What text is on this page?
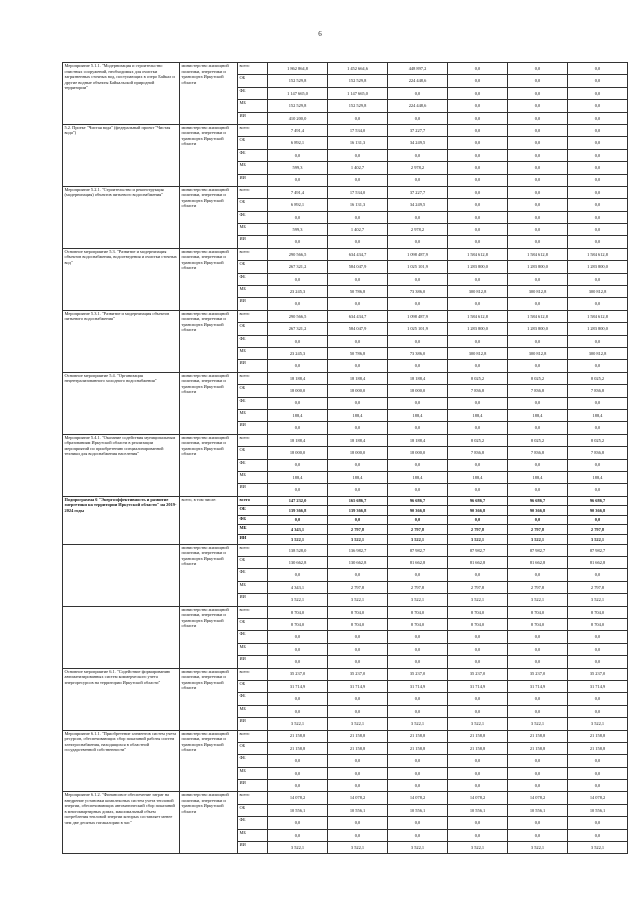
6
Мероприятие 5.1.1. "Модернизация и строительство очистных сооружений, необходимых для очистки загрязненных сточных вод, поступающих в озеро Байкал и другие водные объекты Байкальской природной территории"	министерство жилищной политики, энергетики и транспорта Иркутской области	всего	1 862 864,8	1 452 664,6	448 897,2	0,0	0,0	0,0
		ОБ	152 529,8	152 529,8	224 448,6	0,0	0,0	0,0
		ФБ	1 147 665,0	1 147 665,0	0,0	0,0	0,0	0,0
		МБ	152 529,8	152 529,8	224 448,6	0,0	0,0	0,0
		ИИ	410 200,0	0,0	0,0	0,0	0,0	0,0
5.2. Проект "Чистая вода" (федеральный проект "Чистая вода")	министерство жилищной политики, энергетики и транспорта Иркутской области	всего	7 491,4	17 534,0	37 227,7	0,0	0,0	0,0
		ОБ	6 892,1	16 131,3	34 249,5	0,0	0,0	0,0
		ФБ	0,0	0,0	0,0	0,0	0,0	0,0
		МБ	599,3	1 402,7	2 978,2	0,0	0,0	0,0
		ИИ	0,0	0,0	0,0	0,0	0,0	0,0
Мероприятие 5.2.1. "Строительство и реконструкция (модернизация) объектов питьевого водоснабжения"	министерство жилищной политики, энергетики и транспорта Иркутской области	всего	7 491,4	17 534,0	37 227,7	0,0	0,0	0,0
		ОБ	6 892,1	16 131,3	34 249,5	0,0	0,0	0,0
		ФБ	0,0	0,0	0,0	0,0	0,0	0,0
		МБ	599,3	1 402,7	2 978,2	0,0	0,0	0,0
		ИИ	0,0	0,0	0,0	0,0	0,0	0,0
Основное мероприятие 5.3. "Развитие и модернизация объектов водоснабжения, водоотведения и очистки сточных вод"	министерство жилищной политики, энергетики и транспорта Иркутской области	всего	290 566,5	634 434,7	1 098 487,9	1 584 612,8	1 584 612,8	1 584 612,8
		ОБ	267 321,2	584 047,9	1 025 101,9	1 283 800,0	1 283 800,0	1 283 800,0
		ФБ	0,0	0,0	0,0	0,0	0,0	0,0
		МБ	23 245,3	50 786,8	73 386,0	300 812,8	300 812,8	300 812,8
		ИИ	0,0	0,0	0,0	0,0	0,0	0,0
Мероприятие 5.3.1. "Развитие и модернизация объектов питьевого водоснабжения"	министерство жилищной политики, энергетики и транспорта Иркутской области	всего	290 566,5	634 434,7	1 098 487,9	1 584 612,8	1 584 612,8	1 584 612,8
		ОБ	267 321,2	584 047,9	1 025 101,9	1 283 800,0	1 283 800,0	1 283 800,0
		ФБ	0,0	0,0	0,0	0,0	0,0	0,0
		МБ	23 245,3	50 786,8	73 386,0	300 812,8	300 812,8	300 812,8
		ИИ	0,0	0,0	0,0	0,0	0,0	0,0
Основное мероприятие 5.4. "Организация нецентрализованного холодного водоснабжения"	министерство жилищной политики, энергетики и транспорта Иркутской области	всего	18 188,4	18 188,4	18 188,4	8 025,2	8 025,2	8 025,2
		ОБ	18 000,0	18 000,0	18 000,0	7 836,8	7 836,8	7 836,8
		ФБ	0,0	0,0	0,0	0,0	0,0	0,0
		МБ	188,4	188,4	188,4	188,4	188,4	188,4
		ИИ	0,0	0,0	0,0	0,0	0,0	0,0
Мероприятие 5.4.1. "Оказание содействия муниципальным образованиям Иркутской области в реализации мероприятий по приобретению специализированной техники для водоснабжения населения"	министерство жилищной политики, энергетики и транспорта Иркутской области	всего	18 188,4	18 188,4	18 188,4	8 025,2	8 025,2	8 025,2
		ОБ	18 000,0	18 000,0	18 000,0	7 836,8	7 836,8	7 836,8
		ФБ	0,0	0,0	0,0	0,0	0,0	0,0
		МБ	188,4	188,4	188,4	188,4	188,4	188,4
		ИИ	0,0	0,0	0,0	0,0	0,0	0,0
Подпрограмма 6 "Энергоэффективность и развитие энергетики на территории Иркутской области" на 2019-2024 годы	всего, в том числе:	всего	147 232,0	165 686,7	96 686,7	96 686,7	96 686,7	96 686,7
		ОБ	139 366,8	139 366,8	90 366,8	90 366,8	90 366,8	90 366,8
		ФБ	0,0	0,0	0,0	0,0	0,0	0,0
		МБ	4 343,1	2 797,8	2 797,8	2 797,8	2 797,8	2 797,8
		ИИ	3 522,1	3 522,1	3 522,1	3 522,1	3 522,1	3 522,1
	министерство жилищной политики, энергетики и транспорта Иркутской области	всего	138 528,0	136 982,7	87 982,7	87 982,7	87 982,7	87 982,7
		ОБ	130 662,8	130 662,8	81 662,8	81 662,8	81 662,8	81 662,8
		ФБ	0,0	0,0	0,0	0,0	0,0	0,0
		МБ	4 343,1	2 797,8	2 797,8	2 797,8	2 797,8	2 797,8
		ИИ	3 522,1	3 522,1	3 522,1	3 522,1	3 522,1	3 522,1
	министерство жилищной политики, энергетики и транспорта Иркутской области	всего	8 704,0	8 704,0	8 704,0	8 704,0	8 704,0	8 704,0
		ОБ	8 704,0	8 704,0	8 704,0	8 704,0	8 704,0	8 704,0
		ФБ	0,0	0,0	0,0	0,0	0,0	0,0
		МБ	0,0	0,0	0,0	0,0	0,0	0,0
		ИИ	0,0	0,0	0,0	0,0	0,0	0,0
Основное мероприятие 6.1. "Содействие формированию автоматизированных систем коммерческого учета энергоресурсов на территории Иркутской области"	министерство жилищной политики, энергетики и транспорта Иркутской области	всего	35 237,0	35 237,0	35 237,0	35 237,0	35 237,0	35 237,0
		ОБ	31 714,9	31 714,9	31 714,9	31 714,9	31 714,9	31 714,9
		ФБ	0,0	0,0	0,0	0,0	0,0	0,0
		МБ	0,0	0,0	0,0	0,0	0,0	0,0
		ИИ	3 522,1	3 522,1	3 522,1	3 522,1	3 522,1	3 522,1
Мероприятие 6.1.1. "Приобретение элементов систем учета ресурсов, обеспечивающих сбор показаний работы систем электроснабжения, находящихся в областной государственной собственности"	министерство жилищной политики, энергетики и транспорта Иркутской области	всего	21 158,8	21 158,8	21 158,8	21 158,8	21 158,8	21 158,8
		ОБ	21 158,8	21 158,8	21 158,8	21 158,8	21 158,8	21 158,8
		ФБ	0,0	0,0	0,0	0,0	0,0	0,0
		МБ	0,0	0,0	0,0	0,0	0,0	0,0
		ИИ	0,0	0,0	0,0	0,0	0,0	0,0
Мероприятие 6.1.2. "Финансовое обеспечение затрат на внедрение установки комплексных систем учета тепловой энергии, обеспечивающих автоматический сбор показаний в многоквартирных домах, максимальный объем потребления тепловой энергии которых составляет менее чем две десятых гигакалории в час"	министерство жилищной политики, энергетики и транспорта Иркутской области	всего	14 078,2	14 078,2	14 078,2	14 078,2	14 078,2	14 078,2
		ОБ	10 556,1	10 556,1	10 556,1	10 556,1	10 556,1	10 556,1
		ФБ	0,0	0,0	0,0	0,0	0,0	0,0
		МБ	0,0	0,0	0,0	0,0	0,0	0,0
		ИИ	3 522,1	3 522,1	3 522,1	3 522,1	3 522,1	3 522,1
